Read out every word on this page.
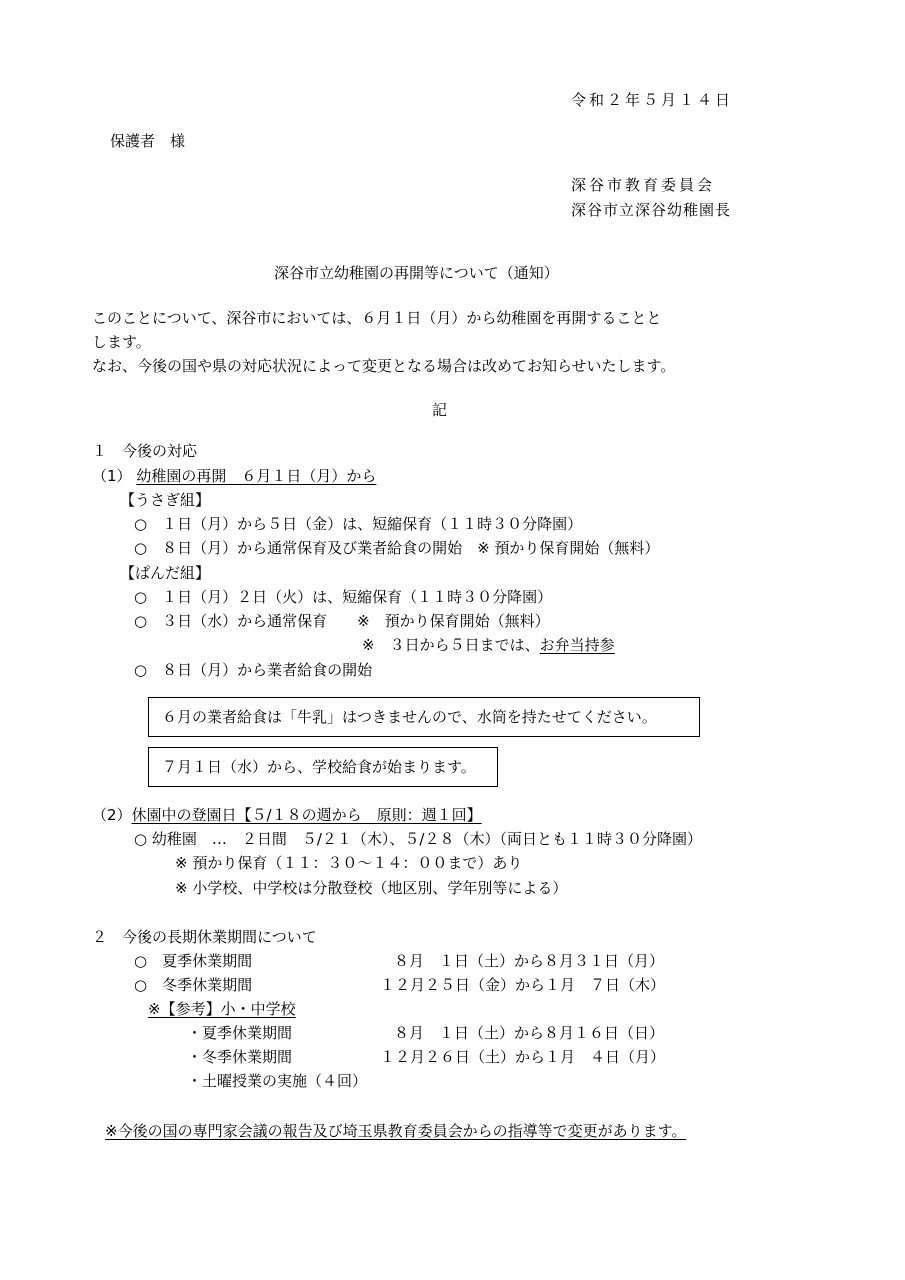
令和２年５月１４日
保護者　様
深谷市教育委員会
深谷市立深谷幼稚園長
深谷市立幼稚園の再開等について（通知）
このことについて、深谷市においては、６月１日（月）から幼稚園を再開することと
します。
なお、今後の国や県の対応状況によって変更となる場合は改めてお知らせいたします。
記
１　今後の対応
（1） 幼稚園の再開　６月１日（月）から
【うさぎ組】
○　１日（月）から５日（金）は、短縮保育（１１時３０分降園）
○　８日（月）から通常保育及び業者給食の開始　※ 預かり保育開始（無料）
【ぱんだ組】
○　１日（月）２日（火）は、短縮保育（１１時３０分降園）
○　３日（水）から通常保育　　※　預かり保育開始（無料）
※　３日から５日までは、お弁当持参
○　８日（月）から業者給食の開始
６月の業者給食は「牛乳」はつきませんので、水筒を持たせてください。
７月１日（水）から、学校給食が始まります。
（2）休園中の登園日【５/１８の週から　原則：週１回】
○ 幼稚園　…　２日間　５/２１（木）、５/２８（木）（両日とも１１時３０分降園）
※ 預かり保育（１１：３０～１４：００まで）あり
※ 小学校、中学校は分散登校（地区別、学年別等による）
２　今後の長期休業期間について
○　夏季休業期間	８月　１日（土）から８月３１日（月）
○　冬季休業期間	１２月２５日（金）から１月　７日（木）
※【参考】小・中学校
・夏季休業期間	８月　１日（土）から８月１６日（日）
・冬季休業期間	１２月２６日（土）から１月　４日（月）
・土曜授業の実施（４回）
※今後の国の専門家会議の報告及び埼玉県教育委員会からの指導等で変更があります。
